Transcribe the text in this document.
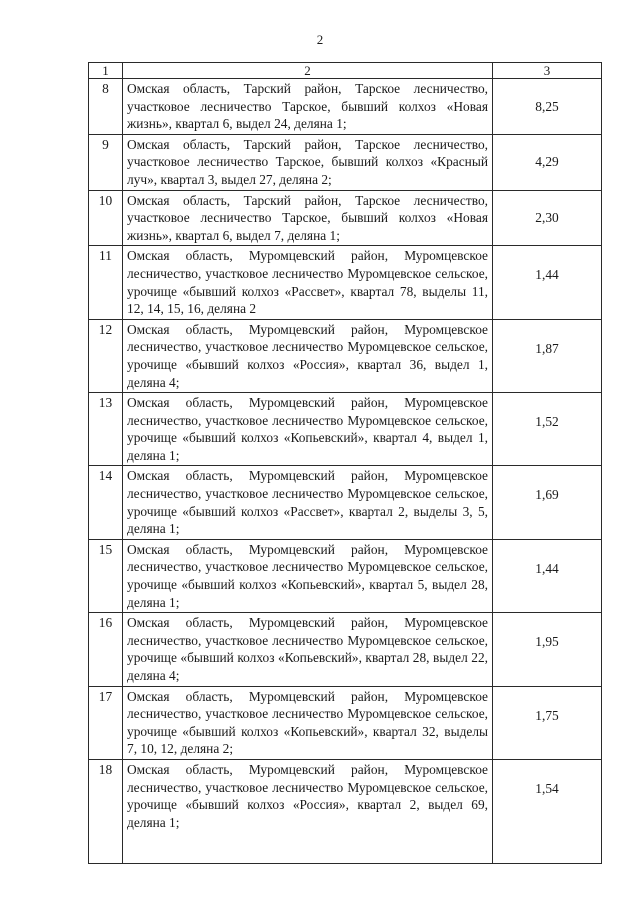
2
1	2	3
8	Омская область, Тарский район, Тарское лесничество, участковое лесничество Тарское, бывший колхоз «Новая жизнь», квартал 6, выдел 24, деляна 1;	8,25
9	Омская область, Тарский район, Тарское лесничество, участковое лесничество Тарское, бывший колхоз «Красный луч», квартал 3, выдел 27, деляна 2;	4,29
10	Омская область, Тарский район, Тарское лесничество, участковое лесничество Тарское, бывший колхоз «Новая жизнь», квартал 6, выдел 7, деляна 1;	2,30
11	Омская область, Муромцевский район, Муромцевское лесничество, участковое лесничество Муромцевское сельское, урочище «бывший колхоз «Рассвет», квартал 78, выделы 11, 12, 14, 15, 16, деляна 2	1,44
12	Омская область, Муромцевский район, Муромцевское лесничество, участковое лесничество Муромцевское сельское, урочище «бывший колхоз «Россия», квартал 36, выдел 1, деляна 4;	1,87
13	Омская область, Муромцевский район, Муромцевское лесничество, участковое лесничество Муромцевское сельское, урочище «бывший колхоз «Копьевский», квартал 4, выдел 1, деляна 1;	1,52
14	Омская область, Муромцевский район, Муромцевское лесничество, участковое лесничество Муромцевское сельское, урочище «бывший колхоз «Рассвет», квартал 2, выделы 3, 5, деляна 1;	1,69
15	Омская область, Муромцевский район, Муромцевское лесничество, участковое лесничество Муромцевское сельское, урочище «бывший колхоз «Копьевский», квартал 5, выдел 28, деляна 1;	1,44
16	Омская область, Муромцевский район, Муромцевское лесничество, участковое лесничество Муромцевское сельское, урочище «бывший колхоз «Копьевский», квартал 28, выдел 22, деляна 4;	1,95
17	Омская область, Муромцевский район, Муромцевское лесничество, участковое лесничество Муромцевское сельское, урочище «бывший колхоз «Копьевский», квартал 32, выделы 7, 10, 12, деляна 2;	1,75
18	Омская область, Муромцевский район, Муромцевское лесничество, участковое лесничество Муромцевское сельское, урочище «бывший колхоз «Россия», квартал 2, выдел 69, деляна 1;	1,54
